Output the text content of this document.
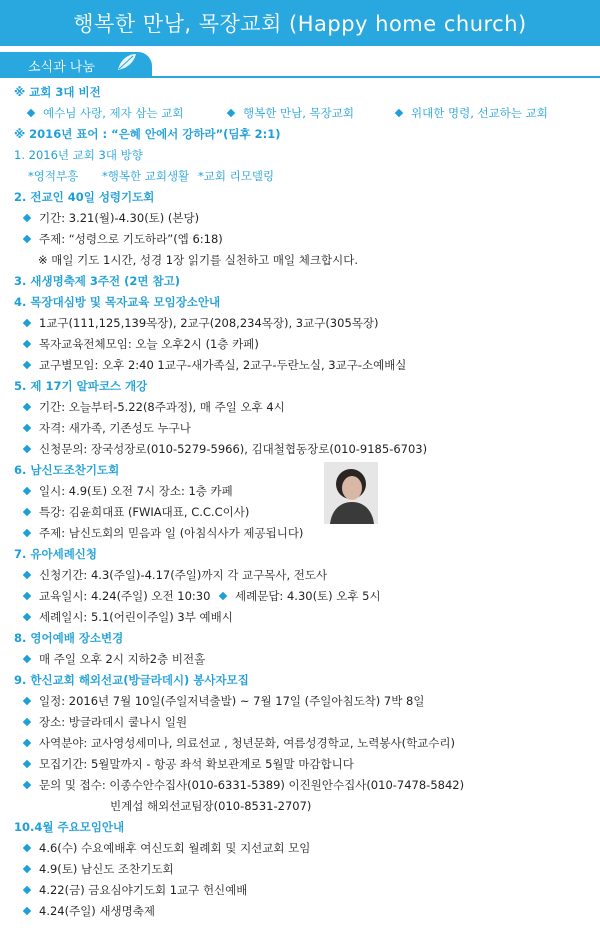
행복한 만남, 목장교회 (Happy home church)
소식과 나눔
※ 교회 3대 비전
예수님 사랑, 제자 삼는 교회	행복한 만남, 목장교회	위대한 명령, 선교하는 교회
※ 2016년 표어 : “은혜 안에서 강하라”(딤후 2:1)
1. 2016년 교회 3대 방향
*영적부흥 *행복한 교회생활 *교회 리모델링
2. 전교인 40일 성령기도회
기간: 3.21(월)-4.30(토) (본당)
주제: “성령으로 기도하라”(엡 6:18)
※ 매일 기도 1시간, 성경 1장 읽기를 실천하고 매일 체크합시다.
3. 새생명축제 3주전 (2면 참고)
4. 목장대심방 및 목자교육 모임장소안내
1교구(111,125,139목장), 2교구(208,234목장), 3교구(305목장)
목자교육전체모임: 오늘 오후2시 (1층 카페)
교구별모임: 오후 2:40 1교구-새가족실, 2교구-두란노실, 3교구-소예배실
5. 제 17기 알파코스 개강
기간: 오늘부터-5.22(8주과정), 매 주일 오후 4시
자격: 새가족, 기존성도 누구나
신청문의: 장국성장로(010-5279-5966), 김대철협동장로(010-9185-6703)
6. 남신도조찬기도회
일시: 4.9(토) 오전 7시 장소: 1층 카페
특강: 김윤희대표 (FWIA대표, C.C.C이사)
주제: 남신도회의 믿음과 일 (아침식사가 제공됩니다)
7. 유아세례신청
신청기간: 4.3(주일)-4.17(주일)까지 각 교구목사, 전도사
교육일시: 4.24(주일) 오전 10:30	세례문답: 4.30(토) 오후 5시
세례일시: 5.1(어린이주일) 3부 예배시
8. 영어예배 장소변경
매 주일 오후 2시 지하2층 비전홀
9. 한신교회 해외선교(방글라데시) 봉사자모집
일정: 2016년 7월 10일(주일저녁출발) ~ 7월 17일 (주일아침도착) 7박 8일
장소: 방글라데시 쿨나시 일원
사역분야: 교사영성세미나, 의료선교 , 청년문화, 여름성경학교, 노력봉사(학교수리)
모집기간: 5월말까지 - 항공 좌석 확보관계로 5월말 마감합니다
문의 및 접수: 이종수안수집사(010-6331-5389) 이진원안수집사(010-7478-5842)
빈계섭 해외선교팀장(010-8531-2707)
10.4월 주요모임안내
4.6(수) 수요예배후 여신도회 월례회 및 지선교회 모임
4.9(토) 남신도 조찬기도회
4.22(금) 금요심야기도회 1교구 헌신예배
4.24(주일) 새생명축제
